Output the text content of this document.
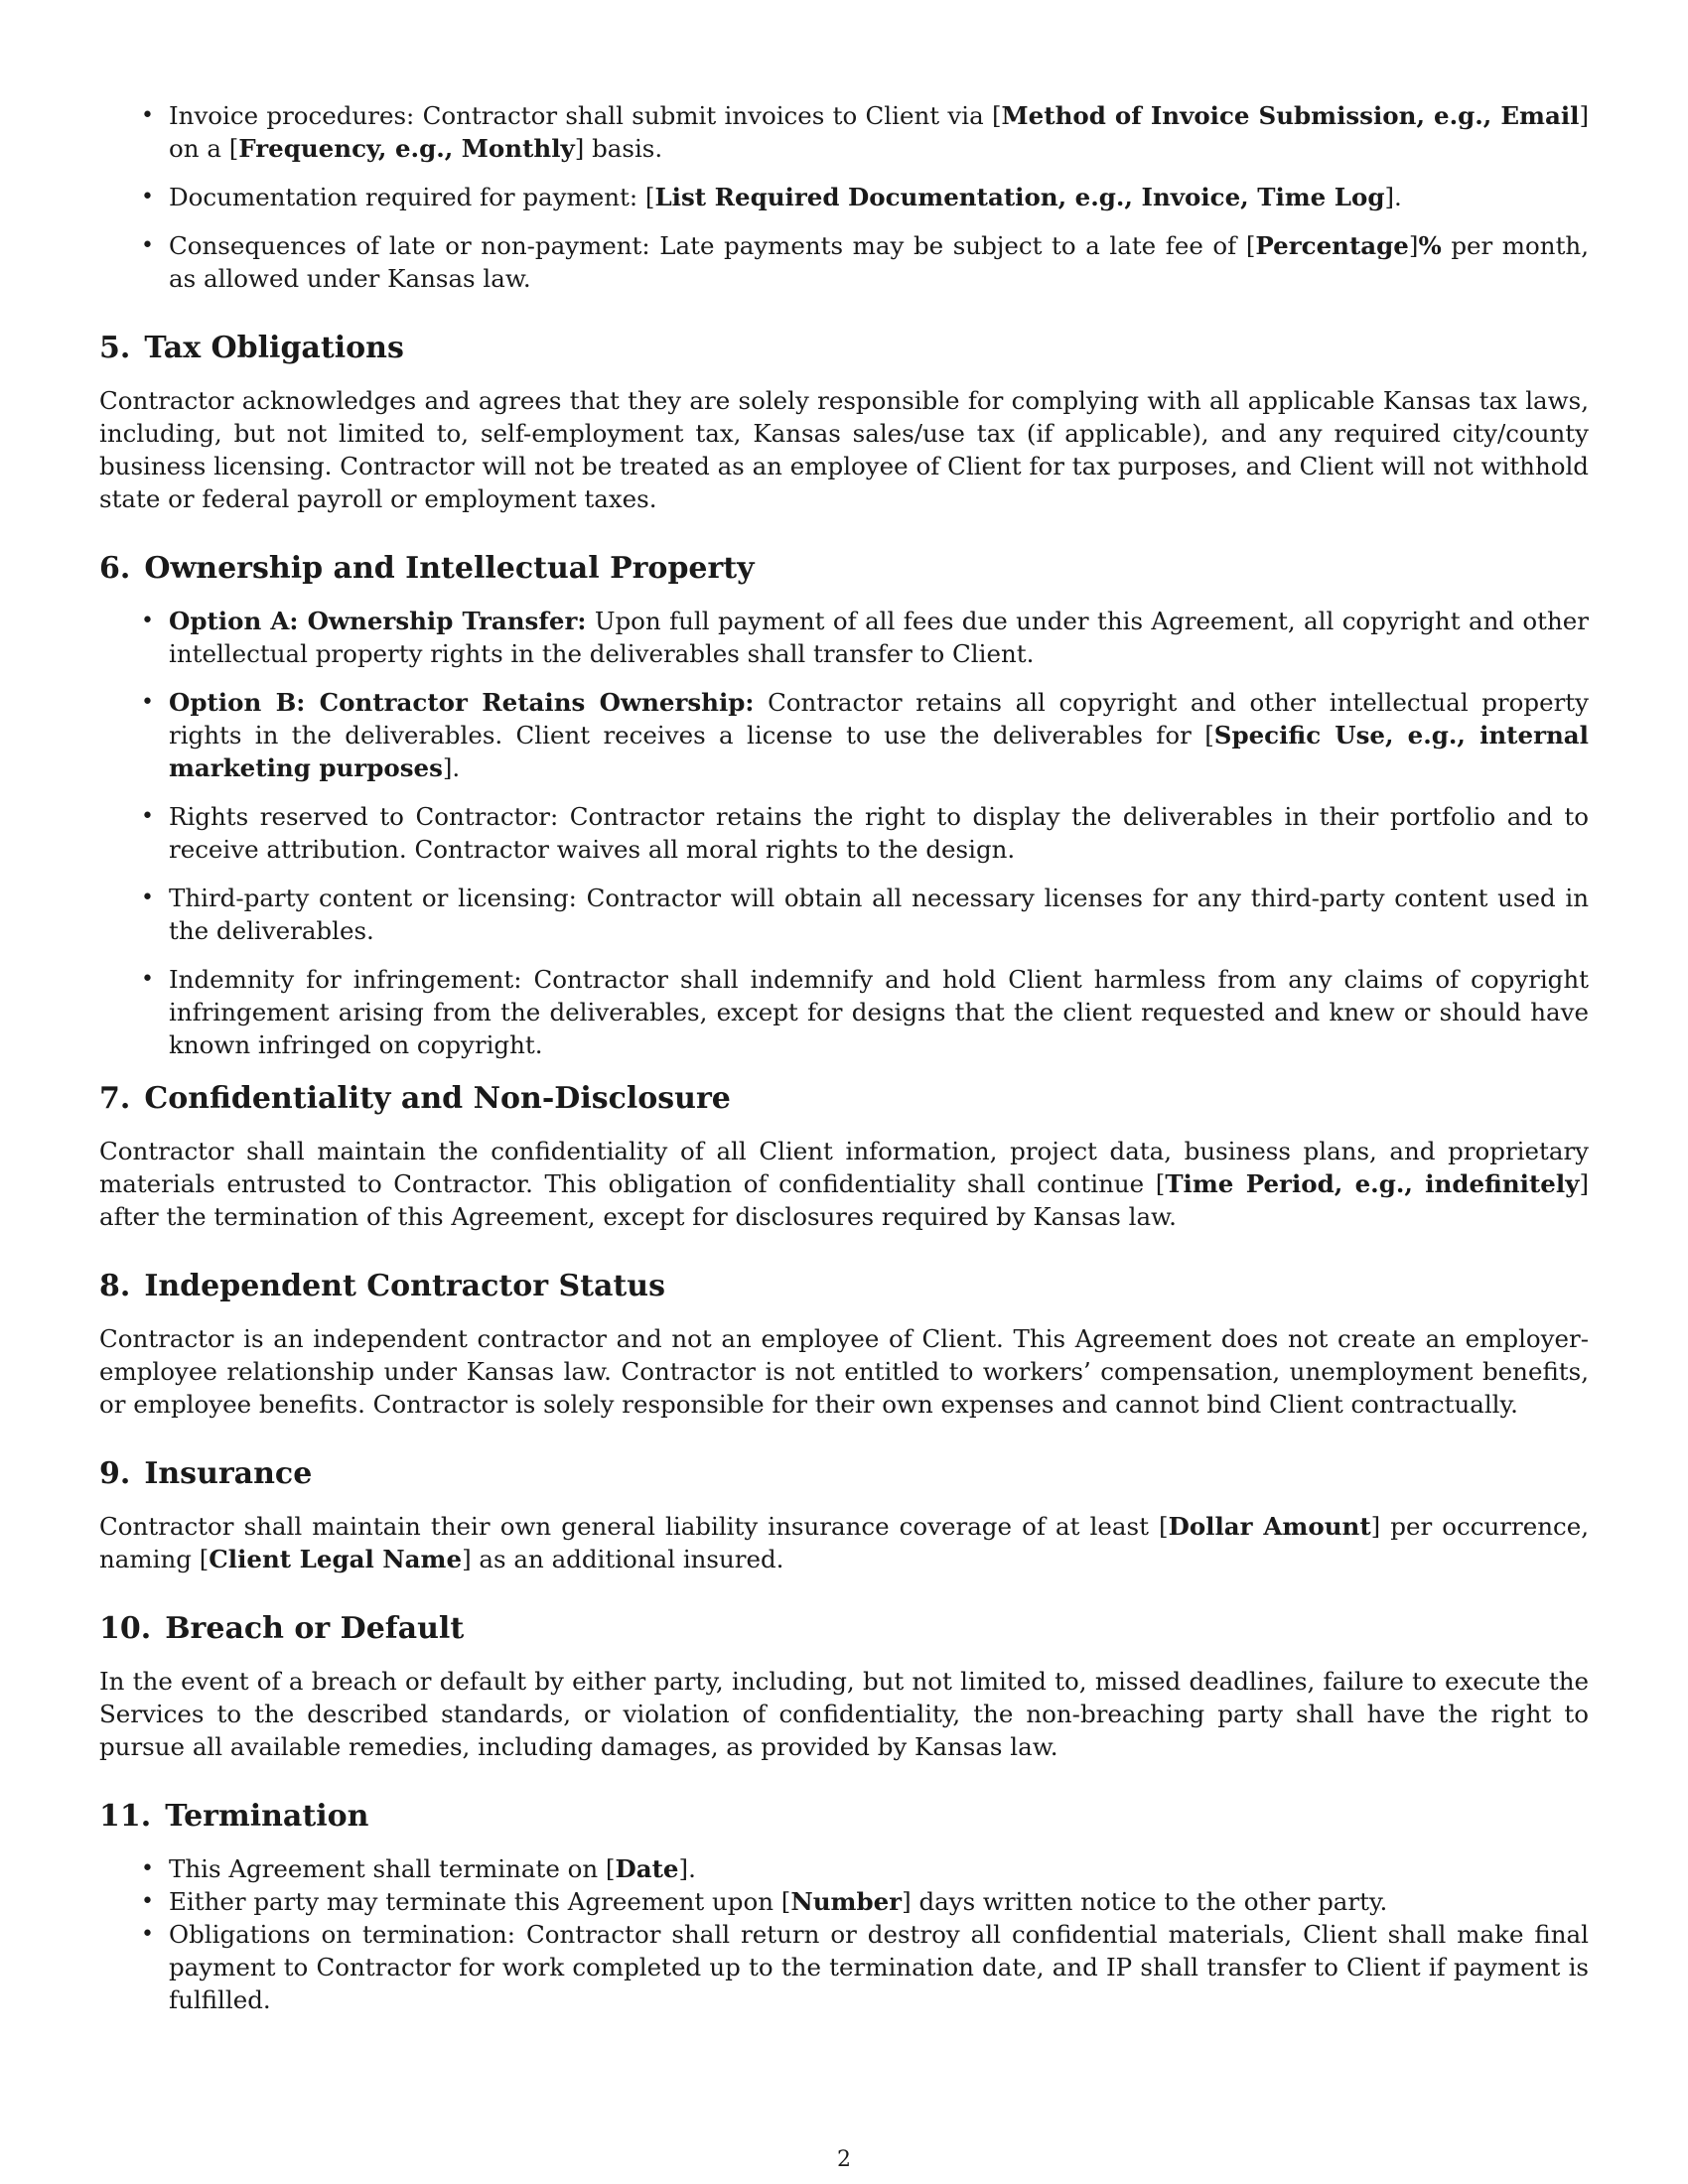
• Invoice procedures: Contractor shall submit invoices to Client via [Method of Invoice Submission, e.g., Email] on a [Frequency, e.g., Monthly] basis.
• Documentation required for payment: [List Required Documentation, e.g., Invoice, Time Log].
• Consequences of late or non-payment: Late payments may be subject to a late fee of [Percentage]% per month, as allowed under Kansas law.
5. Tax Obligations

Contractor acknowledges and agrees that they are solely responsible for complying with all applicable Kansas tax laws, including, but not limited to, self-employment tax, Kansas sales/use tax (if applicable), and any required city/county business licensing. Contractor will not be treated as an employee of Client for tax purposes, and Client will not withhold state or federal payroll or employment taxes.

6. Ownership and Intellectual Property
• Option A: Ownership Transfer: Upon full payment of all fees due under this Agreement, all copyright and other intellectual property rights in the deliverables shall transfer to Client.
• Option B: Contractor Retains Ownership: Contractor retains all copyright and other intellectual property rights in the deliverables. Client receives a license to use the deliverables for [Specific Use, e.g., internal marketing purposes].
• Rights reserved to Contractor: Contractor retains the right to display the deliverables in their portfolio and to receive attribution. Contractor waives all moral rights to the design.
• Third-party content or licensing: Contractor will obtain all necessary licenses for any third-party content used in the deliverables.
• Indemnity for infringement: Contractor shall indemnify and hold Client harmless from any claims of copyright infringement arising from the deliverables, except for designs that the client requested and knew or should have known infringed on copyright.
7. Confidentiality and Non-Disclosure

Contractor shall maintain the confidentiality of all Client information, project data, business plans, and proprietary materials entrusted to Contractor. This obligation of confidentiality shall continue [Time Period, e.g., indefinitely] after the termination of this Agreement, except for disclosures required by Kansas law.

8. Independent Contractor Status

Contractor is an independent contractor and not an employee of Client. This Agreement does not create an employer-employee relationship under Kansas law. Contractor is not entitled to workers’ compensation, unemployment benefits, or employee benefits. Contractor is solely responsible for their own expenses and cannot bind Client contractually.

9. Insurance

Contractor shall maintain their own general liability insurance coverage of at least [Dollar Amount] per occurrence, naming [Client Legal Name] as an additional insured.

10. Breach or Default

In the event of a breach or default by either party, including, but not limited to, missed deadlines, failure to execute the Services to the described standards, or violation of confidentiality, the non-breaching party shall have the right to pursue all available remedies, including damages, as provided by Kansas law.

11. Termination
• This Agreement shall terminate on [Date].
• Either party may terminate this Agreement upon [Number] days written notice to the other party.
• Obligations on termination: Contractor shall return or destroy all confidential materials, Client shall make final payment to Contractor for work completed up to the termination date, and IP shall transfer to Client if payment is fulfilled.
2
